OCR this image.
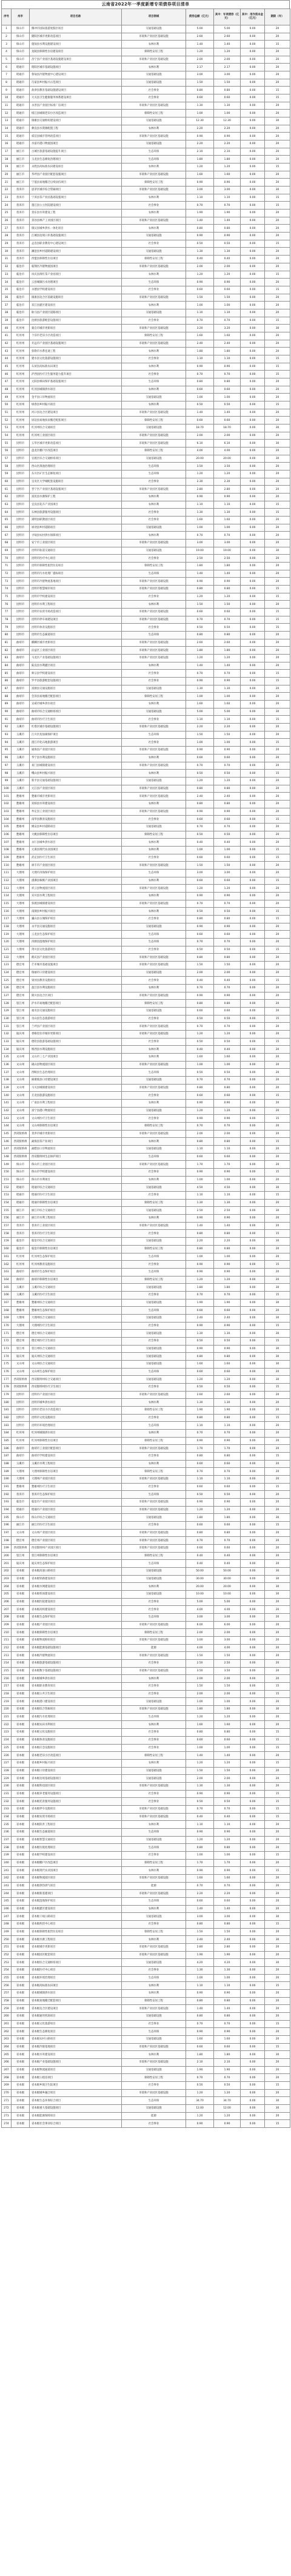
云南省2022年一季度新增专项债券项目清单
序号	州市	项目名称	项目领域	债券总额（亿元）	其中：专项债券（亿元）	其中：用作资本金（亿元）	期限（年）
1	保山市	腾冲市国际旅游度假区项目	交通基础设施	5.00	5.00	0.00	20
2	保山市	隆阳区城市更新改造项目	市政和产业园区基础设施	2.60	2.60	0.00	20
3	保山市	施甸县水利设施建设项目	农林水利	1.40	1.40	0.00	15
4	保山市	龙陵县保障性住房建设项目	保障性安居工程	1.20	1.20	0.00	20
5	保山市	昌宁县产业园区基础设施建设项目	市政和产业园区基础设施	2.00	2.00	0.00	20
6	昭通市	昭阳区城市基础设施项目	农林水利	2.17	2.17	0.00	20
7	昭通市	鲁甸县冷链物流中心建设项目	交通基础设施	3.00	3.00	0.00	20
8	昭通市	巧家县乡村振兴示范项目	交通基础设施	1.50	1.50	0.00	20
9	昭通市	盐津县教育基础设施建设项目	社会事业	0.80	0.80	0.00	15
10	昭通市	大关县卫生健康服务体系建设项目	社会事业	0.60	0.60	0.00	15
11	昭通市	永善县产业园区标准厂房项目	市政和产业园区基础设施	1.30	1.30	0.00	20
12	昭通市	绥江县城镇老旧小区改造项目	保障性安居工程	1.00	1.00	0.00	20
13	昭通市	镇雄县交通枢纽建设项目	交通基础设施	12.30	12.30	0.00	30
14	昭通市	彝良县水资源配置工程	农林水利	2.20	2.20	0.00	20
15	昭通市	威信县城市管网改造项目	市政和产业园区基础设施	0.90	0.90	0.00	20
16	昭通市	水富市港口物流园项目	交通基础设施	2.20	2.20	0.00	20
17	丽江市	古城区旅游基础设施提升项目	生态环保	2.10	2.10	0.00	20
18	丽江市	玉龙县生态修复治理项目	生态环保	1.80	1.80	0.00	20
19	丽江市	永胜县高标准农田建设项目	农林水利	1.20	1.20	0.00	15
20	丽江市	华坪县产业园区配套设施项目	市政和产业园区基础设施	1.60	1.60	0.00	20
21	丽江市	宁蒗县易地搬迁后续扶持项目	保障性安居工程	0.90	0.90	0.00	20
22	普洱市	思茅区城市综合管廊项目	市政和产业园区基础设施	3.00	3.00	0.00	30
23	普洱市	宁洱县茶产业园基础设施项目	农林水利	1.10	1.10	0.00	15
24	普洱市	墨江县公立医院建设项目	社会事业	0.70	0.70	0.00	15
25	普洱市	景东县水库建设工程	农林水利	1.90	1.90	0.00	20
26	普洱市	景谷县林产工业园区项目	市政和产业园区基础设施	1.40	1.40	0.00	20
27	普洱市	镇沅县城乡供水一体化项目	农林水利	0.80	0.80	0.00	20
28	普洱市	江城县边境口岸基础设施项目	交通基础设施	0.90	0.90	0.00	20
29	普洱市	孟连县职业教育中心建设项目	社会事业	0.50	0.50	0.00	15
30	普洱市	澜沧县乡村道路建设项目	交通基础设施	1.30	1.30	0.00	20
31	普洱市	西盟县保障性住房项目	保障性安居工程	0.40	0.40	0.00	20
32	临沧市	临翔区冷链物流园项目	市政和产业园区基础设施	2.00	2.00	0.00	20
33	临沧市	凤庆县滇红茶产业园项目	农林水利	1.20	1.20	0.00	15
34	临沧市	云县城镇污水处理项目	生态环保	0.90	0.90	0.00	20
35	临沧市	永德县学校建设项目	社会事业	0.60	0.60	0.00	15
36	临沧市	镇康县边合区基础设施项目	市政和产业园区基础设施	1.50	1.50	0.00	20
37	临沧市	双江县灌区建设项目	农林水利	1.00	1.00	0.00	20
38	临沧市	耿马县产业园区道路项目	交通基础设施	1.10	1.10	0.00	20
39	临沧市	沧源县旅游配套设施项目	社会事业	0.70	0.70	0.00	15
40	红河州	蒙自市城市更新项目	市政和产业园区基础设施	3.20	3.20	0.00	30
41	红河州	个旧市老旧小区改造项目	保障性安居工程	1.60	1.60	0.00	20
42	红河州	开远市产业园区基础设施项目	市政和产业园区基础设施	2.40	2.40	0.00	20
43	红河州	弥勒市水系连通工程	农林水利	1.80	1.80	0.00	20
44	红河州	建水县文化旅游设施项目	社会事业	1.10	1.10	0.00	15
45	红河州	石屏县高标准农田项目	农林水利	0.90	0.90	0.00	15
46	红河州	泸西县医疗卫生服务能力提升项目	社会事业	0.70	0.70	0.00	15
47	红河州	元阳县梯田保护基础设施项目	生态环保	0.80	0.80	0.00	20
48	红河州	红河县城镇供水项目	农林水利	0.60	0.60	0.00	20
49	红河州	金平县口岸物流项目	交通基础设施	1.00	1.00	0.00	20
50	红河州	绿春县乡村振兴项目	农林水利	0.50	0.50	0.00	15
51	红河州	河口县边合区建设项目	市政和产业园区基础设施	1.40	1.40	0.00	20
52	红河州	屏边县易地扶贫搬迁配套项目	保障性安居工程	0.60	0.60	0.00	20
53	红河州	红河州综合交通项目	交通基础设施	18.70	18.70	0.00	30
54	红河州	红河州工业园区项目	市政和产业园区基础设施	2.00	2.00	0.00	20
55	昆明市	五华区城市更新改造项目	市政和产业园区基础设施	6.10	6.10	0.00	30
56	昆明市	盘龙区棚户区改造项目	保障性安居工程	4.00	4.00	0.00	20
57	昆明市	官渡区综合交通枢纽项目	交通基础设施	20.00	20.00	0.00	30
58	昆明市	西山区滇池治理项目	生态环保	3.50	3.50	0.00	20
59	昆明市	东川区矿区生态修复项目	生态环保	1.20	1.20	0.00	20
60	昆明市	呈贡区大学城配套设施项目	社会事业	2.30	2.30	0.00	20
61	昆明市	晋宁区产业园区基础设施项目	市政和产业园区基础设施	2.80	2.80	0.00	20
62	昆明市	富民县水源保护工程	农林水利	0.90	0.90	0.00	20
63	昆明市	宜良县花卉产业园项目	农林水利	1.10	1.10	0.00	15
64	昆明市	石林县旅游服务设施项目	社会事业	1.30	1.30	0.00	15
65	昆明市	嵩明县职教园区项目	社会事业	1.60	1.60	0.00	20
66	昆明市	禄劝县乡村道路项目	交通基础设施	1.00	1.00	0.00	20
67	昆明市	寻甸县农村供水保障项目	农林水利	0.70	0.70	0.00	20
68	昆明市	安宁市工业园区项目	市政和产业园区基础设施	3.00	3.00	0.00	20
69	昆明市	昆明市轨道交通项目	交通基础设施	19.00	19.00	0.00	30
70	昆明市	昆明市医疗中心项目	社会事业	2.50	2.50	0.00	20
71	昆明市	昆明市保障性租赁住房项目	保障性安居工程	1.80	1.80	0.00	20
72	昆明市	昆明市污水处理厂提标项目	生态环保	1.40	1.40	0.00	20
73	昆明市	昆明市冷链物流基地项目	市政和产业园区基础设施	0.90	0.90	0.00	20
74	昆明市	昆明市智慧城市项目	市政和产业园区基础设施	0.80	0.80	0.00	15
75	昆明市	昆明市学校建设项目	社会事业	1.20	1.20	0.00	15
76	昆明市	昆明市水利工程项目	农林水利	1.50	1.50	0.00	20
77	昆明市	昆明市农贸市场改造项目	市政和产业园区基础设施	0.60	0.60	0.00	15
78	昆明市	昆明市停车场建设项目	市政和产业园区基础设施	0.70	0.70	0.00	15
79	昆明市	昆明市体育设施项目	社会事业	0.50	0.50	0.00	15
80	昆明市	昆明市生态廊道项目	生态环保	0.80	0.80	0.00	20
81	曲靖市	麒麟区城市更新项目	市政和产业园区基础设施	2.60	2.60	0.00	20
82	曲靖市	沾益区工业园区项目	市政和产业园区基础设施	1.80	1.80	0.00	20
83	曲靖市	马龙区产业基础设施项目	市政和产业园区基础设施	1.20	1.20	0.00	20
84	曲靖市	陆良县水利灌区项目	农林水利	1.40	1.40	0.00	20
85	曲靖市	师宗县学校建设项目	社会事业	0.70	0.70	0.00	15
86	曲靖市	罗平县旅游配套设施项目	社会事业	0.90	0.90	0.00	15
87	曲靖市	富源县交通设施项目	交通基础设施	1.30	1.30	0.00	20
88	曲靖市	会泽县易地搬迁配套项目	保障性安居工程	1.00	1.00	0.00	20
89	曲靖市	宣威市城乡供水项目	农林水利	1.60	1.60	0.00	20
90	曲靖市	曲靖市综合交通枢纽项目	交通基础设施	5.00	5.00	0.00	30
91	曲靖市	曲靖市医疗卫生项目	社会事业	1.10	1.10	0.00	15
92	玉溪市	红塔区城市基础设施项目	市政和产业园区基础设施	2.20	2.20	0.00	20
93	玉溪市	江川区抚仙湖保护项目	生态环保	1.50	1.50	0.00	20
94	玉溪市	澄江市化石地旅游项目	社会事业	1.00	1.00	0.00	15
95	玉溪市	通海县产业园区项目	市政和产业园区基础设施	0.90	0.90	0.00	20
96	玉溪市	华宁县水利设施项目	农林水利	0.60	0.60	0.00	20
97	玉溪市	易门县城镇建设项目	市政和产业园区基础设施	0.70	0.70	0.00	20
98	玉溪市	峨山县乡村振兴项目	农林水利	0.50	0.50	0.00	15
99	玉溪市	新平县交通基础设施项目	交通基础设施	1.20	1.20	0.00	20
100	玉溪市	元江县产业园区项目	市政和产业园区基础设施	0.80	0.80	0.00	20
101	楚雄州	楚雄市城市更新项目	市政和产业园区基础设施	2.40	2.40	0.00	20
102	楚雄州	双柏县水库建设项目	农林水利	0.80	0.80	0.00	20
103	楚雄州	牟定县工业园区项目	市政和产业园区基础设施	0.90	0.90	0.00	20
104	楚雄州	南华县教育设施项目	社会事业	0.60	0.60	0.00	15
105	楚雄州	姚安县乡村道路项目	交通基础设施	0.70	0.70	0.00	20
106	楚雄州	大姚县保障性住房项目	保障性安居工程	0.50	0.50	0.00	20
107	楚雄州	永仁县城乡供水项目	农林水利	0.40	0.40	0.00	20
108	楚雄州	元谋县现代农业园项目	农林水利	1.00	1.00	0.00	15
109	楚雄州	武定县医疗卫生项目	社会事业	0.60	0.60	0.00	15
110	楚雄州	禄丰市产业园区项目	市政和产业园区基础设施	1.50	1.50	0.00	20
111	大理州	大理市洱海保护项目	生态环保	3.00	3.00	0.00	20
112	大理州	漾濞县核桃产业园项目	农林水利	0.60	0.60	0.00	15
113	大理州	祥云县物流园区项目	市政和产业园区基础设施	1.20	1.20	0.00	20
114	大理州	宾川县水利工程项目	农林水利	0.90	0.90	0.00	20
115	大理州	弥渡县城镇建设项目	市政和产业园区基础设施	0.70	0.70	0.00	20
116	大理州	南涧县乡村振兴项目	农林水利	0.50	0.50	0.00	15
117	大理州	巍山县古城保护项目	社会事业	0.80	0.80	0.00	15
118	大理州	永平县交通设施项目	交通基础设施	0.90	0.90	0.00	20
119	大理州	云龙县生态保护项目	生态环保	0.60	0.60	0.00	20
120	大理州	洱源县湿地保护项目	生态环保	0.70	0.70	0.00	20
121	大理州	剑川县文化旅游项目	社会事业	0.50	0.50	0.00	15
122	大理州	鹤庆县产业园区项目	市政和产业园区基础设施	0.80	0.80	0.00	20
123	德宏州	芒市城市基础设施项目	市政和产业园区基础设施	1.50	1.50	0.00	20
124	德宏州	瑞丽市口岸建设项目	交通基础设施	2.00	2.00	0.00	20
125	德宏州	梁河县教育设施项目	社会事业	0.40	0.40	0.00	15
126	德宏州	盈江县水利设施项目	农林水利	0.70	0.70	0.00	20
127	德宏州	陇川县边合区项目	市政和产业园区基础设施	0.90	0.90	0.00	20
128	怒江州	泸水市易地搬迁配套项目	保障性安居工程	0.80	0.80	0.00	20
129	怒江州	福贡县交通设施项目	交通基础设施	0.60	0.60	0.00	20
130	怒江州	贡山县生态旅游项目	社会事业	0.50	0.50	0.00	15
131	怒江州	兰坪县产业园区项目	市政和产业园区基础设施	0.70	0.70	0.00	20
132	迪庆州	香格里拉市城市更新项目	市政和产业园区基础设施	1.20	1.20	0.00	20
133	迪庆州	德钦县旅游基础设施项目	社会事业	0.50	0.50	0.00	15
134	迪庆州	维西县水利设施项目	农林水利	0.40	0.40	0.00	20
135	文山州	文山市三七产业园项目	农林水利	1.60	1.60	0.00	20
136	文山州	砚山县物流园区项目	市政和产业园区基础设施	1.00	1.00	0.00	20
137	文山州	西畴县生态治理项目	生态环保	0.50	0.50	0.00	20
138	文山州	麻栗坡县口岸建设项目	交通基础设施	0.70	0.70	0.00	20
139	文山州	马关县城镇建设项目	市政和产业园区基础设施	0.80	0.80	0.00	20
140	文山州	丘北县旅游设施项目	社会事业	0.60	0.60	0.00	15
141	文山州	广南县水利工程项目	农林水利	0.90	0.90	0.00	20
142	文山州	富宁县港口物流项目	交通基础设施	1.20	1.20	0.00	20
143	文山州	文山州医疗卫生项目	社会事业	0.90	0.90	0.00	15
144	文山州	文山州保障性住房项目	保障性安居工程	0.70	0.70	0.00	20
145	西双版纳州	景洪市城市更新项目	市政和产业园区基础设施	2.00	2.00	0.00	20
146	西双版纳州	勐海县茶产业项目	农林水利	0.80	0.80	0.00	15
147	西双版纳州	勐腊县口岸物流项目	交通基础设施	1.10	1.10	0.00	20
148	西双版纳州	西双版纳州生态保护项目	生态环保	0.60	0.60	0.00	20
149	保山市	保山市工业园区项目	市政和产业园区基础设施	1.70	1.70	0.00	20
150	保山市	保山市学校建设项目	社会事业	0.90	0.90	0.00	15
151	保山市	保山市水利项目	农林水利	1.00	1.00	0.00	20
152	昭通市	昭通市综合交通项目	交通基础设施	4.50	4.50	0.00	30
153	昭通市	昭通市医疗卫生项目	社会事业	1.10	1.10	0.00	15
154	昭通市	昭通市保障性住房项目	保障性安居工程	1.30	1.30	0.00	20
155	丽江市	丽江市综合交通项目	交通基础设施	2.50	2.50	0.00	30
156	丽江市	丽江市水利工程项目	农林水利	0.90	0.90	0.00	20
157	普洱市	普洱市工业园区项目	市政和产业园区基础设施	1.40	1.40	0.00	20
158	普洱市	普洱市医疗卫生项目	社会事业	0.80	0.80	0.00	15
159	临沧市	临沧市综合交通项目	交通基础设施	2.20	2.20	0.00	30
160	临沧市	临沧市保障性住房项目	保障性安居工程	0.80	0.80	0.00	20
161	红河州	红河州生态保护项目	生态环保	1.00	1.00	0.00	20
162	红河州	红河州教育设施项目	社会事业	0.90	0.90	0.00	15
163	曲靖市	曲靖市生态保护项目	生态环保	0.90	0.90	0.00	20
164	曲靖市	曲靖市保障性住房项目	保障性安居工程	1.20	1.20	0.00	20
165	玉溪市	玉溪市综合交通项目	交通基础设施	1.80	1.80	0.00	30
166	玉溪市	玉溪市医疗卫生项目	社会事业	0.70	0.70	0.00	15
167	楚雄州	楚雄州综合交通项目	交通基础设施	1.90	1.90	0.00	30
168	楚雄州	楚雄州生态保护项目	生态环保	0.60	0.60	0.00	20
169	大理州	大理州综合交通项目	交通基础设施	2.40	2.40	0.00	30
170	大理州	大理州医疗卫生项目	社会事业	0.90	0.90	0.00	15
171	德宏州	德宏州综合交通项目	交通基础设施	1.30	1.30	0.00	30
172	德宏州	德宏州医疗卫生项目	社会事业	0.50	0.50	0.00	15
173	怒江州	怒江州综合交通项目	交通基础设施	0.90	0.90	0.00	30
174	迪庆州	迪庆州综合交通项目	交通基础设施	0.80	0.80	0.00	30
175	文山州	文山州综合交通项目	交通基础设施	1.60	1.60	0.00	30
176	文山州	文山州生态保护项目	生态环保	0.60	0.60	0.00	20
177	西双版纳州	西双版纳州综合交通项目	交通基础设施	1.20	1.20	0.00	30
178	西双版纳州	西双版纳州医疗卫生项目	社会事业	0.50	0.50	0.00	15
179	昆明市	昆明市产业园区项目	市政和产业园区基础设施	2.60	2.60	0.00	20
180	昆明市	昆明市城乡供水项目	农林水利	1.30	1.30	0.00	20
181	昆明市	昆明市老旧小区改造项目	保障性安居工程	1.90	1.90	0.00	20
182	昆明市	昆明市文化设施项目	社会事业	0.80	0.80	0.00	15
183	昆明市	昆明市环境治理项目	生态环保	1.10	1.10	0.00	20
184	红河州	红河州城镇供水项目	农林水利	0.70	0.70	0.00	20
185	红河州	红河州保障性住房项目	保障性安居工程	0.90	0.90	0.00	20
186	曲靖市	曲靖市工业园区配套项目	市政和产业园区基础设施	1.70	1.70	0.00	20
187	曲靖市	曲靖市学校建设项目	社会事业	0.80	0.80	0.00	15
188	玉溪市	玉溪市水利工程项目	农林水利	0.60	0.60	0.00	20
189	大理州	大理州保障性住房项目	保障性安居工程	0.70	0.70	0.00	20
190	大理州	大理州产业园区项目	市政和产业园区基础设施	1.10	1.10	0.00	20
191	楚雄州	楚雄州医疗卫生项目	社会事业	0.60	0.60	0.00	15
192	普洱市	普洱市生态保护项目	生态环保	0.50	0.50	0.00	20
193	临沧市	临沧市产业园区项目	市政和产业园区基础设施	0.90	0.90	0.00	20
194	昭通市	昭通市产业园区项目	市政和产业园区基础设施	1.20	1.20	0.00	20
195	保山市	保山市综合交通项目	交通基础设施	1.80	1.80	0.00	30
196	丽江市	丽江市医疗卫生项目	社会事业	0.60	0.60	0.00	15
197	文山州	文山州产业园区项目	市政和产业园区基础设施	0.80	0.80	0.00	20
198	德宏州	德宏州产业园区项目	市政和产业园区基础设施	0.70	0.70	0.00	20
199	西双版纳州	西双版纳州产业园区项目	市政和产业园区基础设施	0.60	0.60	0.00	20
200	怒江州	怒江州保障性住房项目	保障性安居工程	0.40	0.40	0.00	20
201	迪庆州	迪庆州生态保护项目	生态环保	0.40	0.40	0.00	20
202	省本级	省本级高速公路项目	交通基础设施	50.00	50.00	0.00	30
203	省本级	省本级铁路建设项目	交通基础设施	30.00	30.00	0.00	30
204	省本级	省本级水网建设项目	农林水利	20.00	20.00	0.00	30
205	省本级	省本级机场建设项目	交通基础设施	10.00	10.00	0.00	30
206	省本级	省本级医院建设项目	社会事业	5.00	5.00	0.00	20
207	省本级	省本级高校建设项目	社会事业	4.00	4.00	0.00	20
208	省本级	省本级生态保护项目	生态环保	3.00	3.00	0.00	20
209	省本级	省本级产业园区项目	市政和产业园区基础设施	6.00	6.00	0.00	20
210	省本级	省本级保障性住房项目	保障性安居工程	2.00	2.00	0.00	20
211	省本级	省本级物流枢纽项目	市政和产业园区基础设施	3.00	3.00	0.00	20
212	省本级	省本级能源基础设施项目	能源	4.00	4.00	0.00	20
213	省本级	省本级冷链物流项目	市政和产业园区基础设施	1.50	1.50	0.00	20
214	省本级	省本级旅游基础设施项目	社会事业	2.50	2.50	0.00	20
215	省本级	省本级数字基础设施项目	市政和产业园区基础设施	3.50	3.50	0.00	20
216	省本级	省本级城乡供水项目	农林水利	2.00	2.00	0.00	20
217	省本级	省本级职业教育项目	社会事业	1.50	1.50	0.00	15
218	省本级	省本级公共卫生项目	社会事业	2.00	2.00	0.00	15
219	省本级	省本级港口建设项目	交通基础设施	1.00	1.00	0.00	20
220	省本级	省本级综合管廊项目	市政和产业园区基础设施	1.80	1.80	0.00	30
221	省本级	省本级污水处理项目	生态环保	1.20	1.20	0.00	20
222	省本级	省本级农田水利项目	农林水利	1.60	1.60	0.00	20
223	省本级	省本级文化设施项目	社会事业	0.80	0.80	0.00	15
224	省本级	省本级体育设施项目	社会事业	0.60	0.60	0.00	15
225	省本级	省本级应急设施项目	社会事业	1.00	1.00	0.00	15
226	省本级	省本级老旧小区改造项目	保障性安居工程	1.40	1.40	0.00	20
227	省本级	省本级乡村振兴项目	农林水利	1.20	1.20	0.00	15
228	省本级	省本级口岸建设项目	交通基础设施	1.50	1.50	0.00	20
229	省本级	省本级边境基础设施项目	交通基础设施	2.00	2.00	0.00	20
230	省本级	省本级科技园区项目	市政和产业园区基础设施	1.30	1.30	0.00	20
231	省本级	省本级养老服务设施项目	社会事业	0.90	0.90	0.00	15
232	省本级	省本级托育服务设施项目	社会事业	0.50	0.50	0.00	15
233	省本级	省本级停车设施项目	市政和产业园区基础设施	0.70	0.70	0.00	15
234	省本级	省本级农贸市场项目	市政和产业园区基础设施	0.40	0.40	0.00	15
235	省本级	省本级防洪工程项目	农林水利	1.10	1.10	0.00	20
236	省本级	省本级生态廊道项目	生态环保	0.90	0.90	0.00	20
237	省本级	省本级智慧交通项目	交通基础设施	1.20	1.20	0.00	20
238	省本级	省本级垃圾处理项目	生态环保	0.80	0.80	0.00	20
239	省本级	省本级学校建设项目	社会事业	1.00	1.00	0.00	15
240	省本级	省本级棚户区改造项目	保障性安居工程	1.70	1.70	0.00	20
241	省本级	省本级现代农业园项目	农林水利	0.90	0.90	0.00	15
242	省本级	省本级物流园区项目	市政和产业园区基础设施	1.60	1.60	0.00	20
243	省本级	省本级供热供气项目	能源	0.70	0.70	0.00	20
244	省本级	省本级新基建项目	市政和产业园区基础设施	2.20	2.20	0.00	20
245	省本级	省本级湿地保护项目	生态环保	0.60	0.60	0.00	20
246	省本级	省本级灌区建设项目	农林水利	1.40	1.40	0.00	20
247	省本级	省本级干线公路项目	交通基础设施	3.00	3.00	0.00	30
248	省本级	省本级疾控中心项目	社会事业	0.80	0.80	0.00	15
249	省本级	省本级保障性租赁住房项目	保障性安居工程	1.50	1.50	0.00	20
250	省本级	省本级水源工程项目	农林水利	2.40	2.40	0.00	30
251	省本级	省本级城市更新项目	市政和产业园区基础设施	2.80	2.80	0.00	20
252	省本级	省本级园区配套项目	市政和产业园区基础设施	1.90	1.90	0.00	20
253	省本级	省本级综合交通枢纽项目	交通基础设施	4.20	4.20	0.00	30
254	省本级	省本级医疗中心项目	社会事业	1.30	1.30	0.00	20
255	省本级	省本级环境治理项目	生态环保	1.00	1.00	0.00	20
256	省本级	省本级高标准农田项目	农林水利	1.10	1.10	0.00	15
257	省本级	省本级城镇供水项目	农林水利	0.90	0.90	0.00	20
258	省本级	省本级易地搬迁配套项目	保障性安居工程	0.80	0.80	0.00	20
259	省本级	省本级边合区建设项目	市政和产业园区基础设施	1.40	1.40	0.00	20
260	省本级	省本级通用机场项目	交通基础设施	0.80	0.80	0.00	20
261	省本级	省本级文化旅游项目	社会事业	0.70	0.70	0.00	15
262	省本级	省本级生态修复项目	生态环保	0.90	0.90	0.00	20
263	省本级	省本级农村公路项目	交通基础设施	1.60	1.60	0.00	20
264	省本级	省本级冷链基地项目	市政和产业园区基础设施	0.60	0.60	0.00	15
265	省本级	省本级水库建设项目	农林水利	1.80	1.80	0.00	30
266	省本级	省本级产业基础设施项目	市政和产业园区基础设施	2.10	2.10	0.00	20
267	省本级	省本级物流通道项目	交通基础设施	1.90	1.90	0.00	20
268	省本级	省本级公租房项目	保障性安居工程	0.70	0.70	0.00	20
269	省本级	省本级乡镇卫生院项目	社会事业	0.50	0.50	0.00	15
270	省本级	省本级城乡融合项目	市政和产业园区基础设施	1.20	1.20	0.00	20
271	省本级	省本级生态环保综合项目	生态环保	34.70	34.70	0.00	30
272	省本级	省本级重大基础设施项目	交通基础设施	12.00	12.00	0.00	30
273	省本级	省本级能源保障项目	能源	1.20	1.20	0.00	20
274	省本级	省本级社会事业综合项目	社会事业	0.90	0.90	0.00	15
